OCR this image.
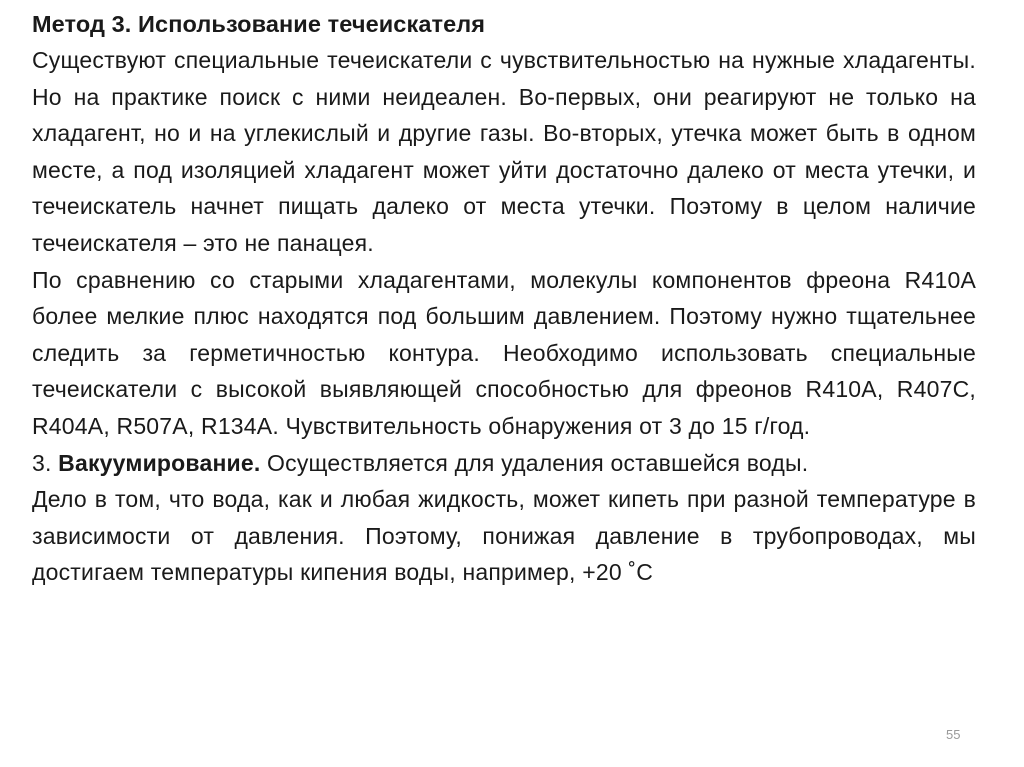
Метод 3. Использование течеискателя

Существуют специальные течеискатели с чувствительностью на нужные хладагенты. Но на практике поиск с ними неидеален. Во-первых, они реагируют не только на хладагент, но и на углекислый и другие газы. Во-вторых, утечка может быть в одном месте, а под изоляцией хладагент может уйти достаточно далеко от места утечки, и течеискатель начнет пищать далеко от места утечки. Поэтому в целом наличие течеискателя – это не панацея.

По сравнению со старыми хладагентами, молекулы компонентов фреона R410A более мелкие плюс находятся под большим давлением. Поэтому нужно тщательнее следить за герметичностью контура. Необходимо использовать специальные течеискатели с высокой выявляющей способностью для фреонов R410A, R407C, R404A, R507A, R134A. Чувствительность обнаружения от 3 до 15 г/год.

3. Вакуумирование. Осуществляется для удаления оставшейся воды.

Дело в том, что вода, как и любая жидкость, может кипеть при разной температуре в зависимости от давления. Поэтому, понижая давление в трубопроводах, мы достигаем температуры кипения воды, например, +20 ˚С

55
